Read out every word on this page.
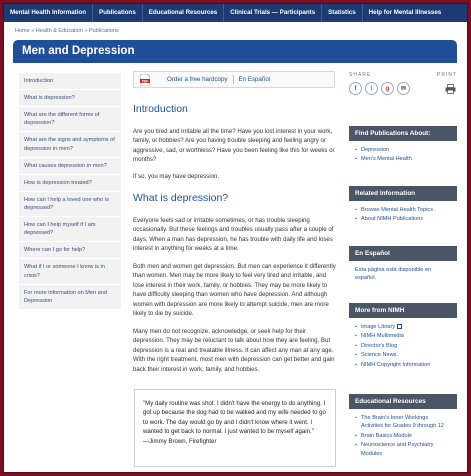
Mental Health Information	Publications	Educational Resources	Clinical Trials — Participants	Statistics	Help for Mental Illnesses
Home » Health & Education » Publications
Men and Depression
Introduction
What is depression?
What are the different forms of depression?
What are the signs and symptoms of depression in men?
What causes depression in men?
How is depression treated?
How can I help a loved one who is depressed?
How can I help myself if I am depressed?
Where can I go for help?
What if I or someone I know is in crisis?
For more information on Men and Depression
PDF	Order a free hardcopy En Español
Introduction

Are you tired and irritable all the time? Have you lost interest in your work, family, or hobbies? Are you having trouble sleeping and feeling angry or aggressive, sad, or worthless? Have you been feeling like this for weeks or months?

If so, you may have depression.

What is depression?

Everyone feels sad or irritable sometimes, or has trouble sleeping occasionally. But these feelings and troubles usually pass after a couple of days. When a man has depression, he has trouble with daily life and loses interest in anything for weeks at a time.

Both men and women get depression. But men can experience it differently than women. Men may be more likely to feel very tired and irritable, and lose interest in their work, family, or hobbies. They may be more likely to have difficulty sleeping than women who have depression. And although women with depression are more likely to attempt suicide, men are more likely to die by suicide.

Many men do not recognize, acknowledge, or seek help for their depression. They may be reluctant to talk about how they are feeling. But depression is a real and treatable illness. It can affect any man at any age. With the right treatment, most men with depression can get better and gain back their interest in work, family, and hobbies.

"My daily routine was shot. I didn't have the energy to do anything. I got up because the dog had to be walked and my wife needed to go to work. The day would go by and I didn't know where it went. I wanted to get back to normal. I just wanted to be myself again."
—Jimmy Brown, Firefighter
SHARE	PRINT
f	t	g	✉
Find Publications About:
▪ Depression
▪ Men's Mental Health
Related Information
▪ Browse Mental Health Topics
▪ About NIMH Publications
En Español
Esta página está disponible en español.
More from NIMH
▪ Image Library
▪ NIMH Multimedia
▪ Director's Blog
▪ Science News
▪ NIMH Copyright Information
Educational Resources
▪ The Brain's Inner Workings Activities for Grades 9 through 12
▪ Brain Basics Module
▪ Neuroscience and Psychiatry Modules
